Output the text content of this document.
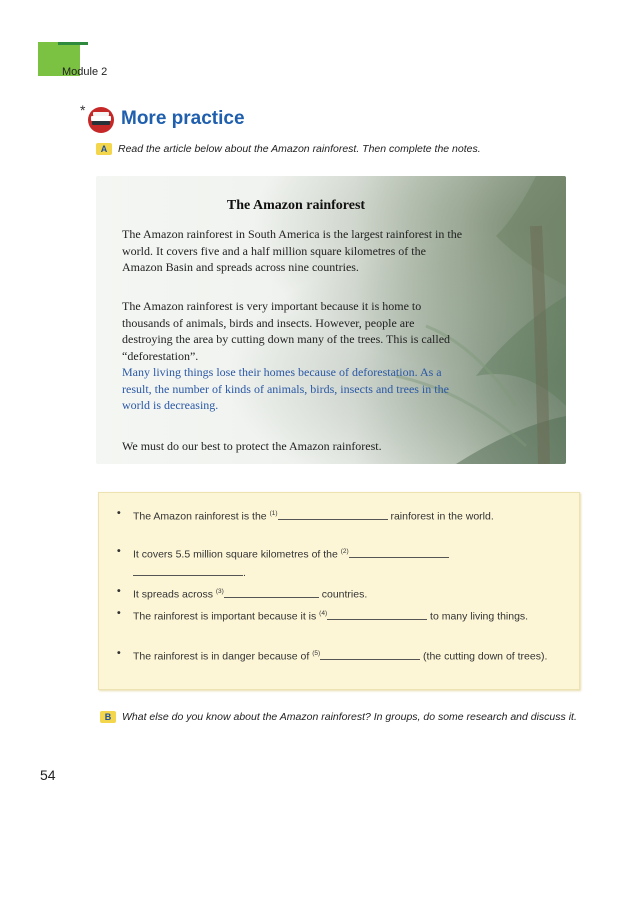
Module 2
* More practice
A	Read the article below about the Amazon rainforest. Then complete the notes.
The Amazon rainforest

The Amazon rainforest in South America is the largest rainforest in the world. It covers five and a half million square kilometres of the Amazon Basin and spreads across nine countries.

The Amazon rainforest is very important because it is home to thousands of animals, birds and insects. However, people are destroying the area by cutting down many of the trees. This is called “deforestation”.

Many living things lose their homes because of deforestation. As a result, the number of kinds of animals, birds, insects and trees in the world is decreasing.

We must do our best to protect the Amazon rainforest.

•	The Amazon rainforest is the $^{(1)}$	rainforest in the world.
•	It covers 5.5 million square kilometres of the $^{(2)}$
.
•	It spreads across $^{(3)}$	countries.
•	The rainforest is important because it is $^{(4)}$	to many living things.
•	The rainforest is in danger because of $^{(5)}$	(the cutting down of trees).
B	What else do you know about the Amazon rainforest? In groups, do some research and discuss it.
54
